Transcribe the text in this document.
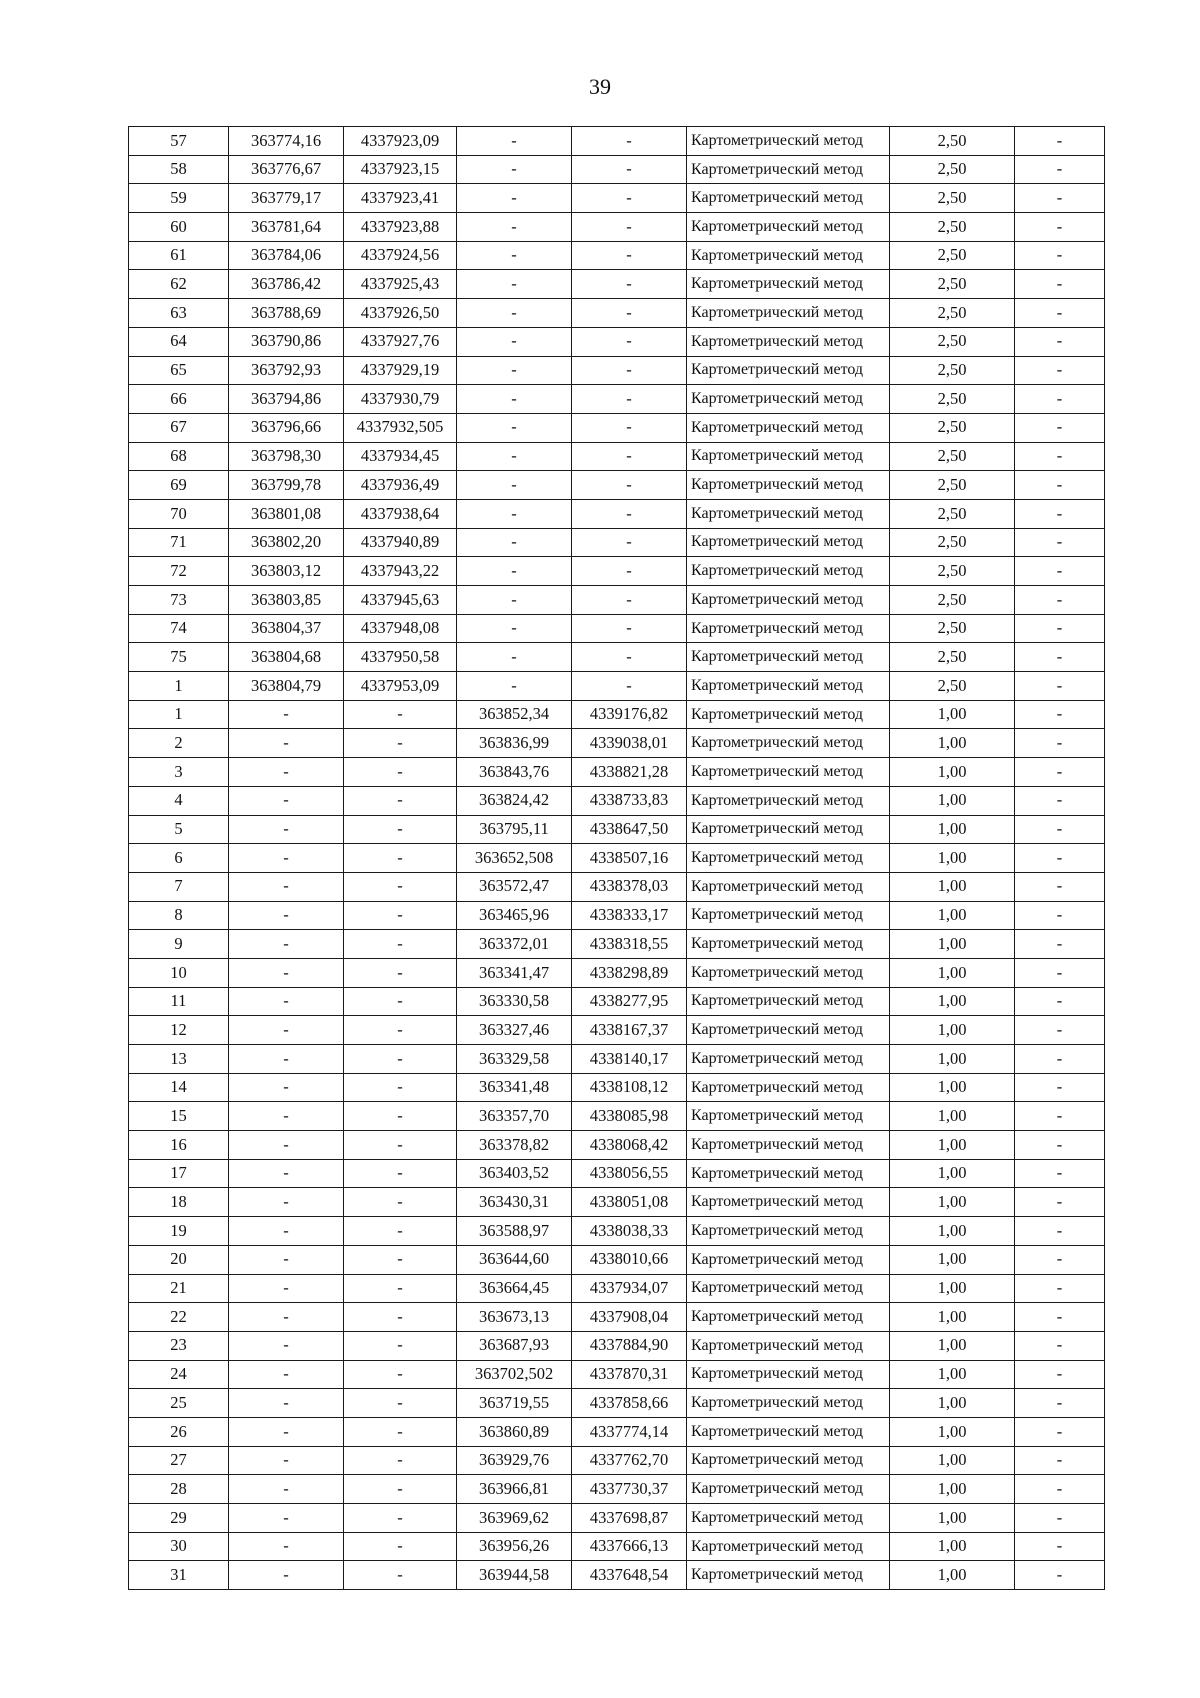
39
57	363774,16	4337923,09	-	-	Картометрический метод	2,50	-
58	363776,67	4337923,15	-	-	Картометрический метод	2,50	-
59	363779,17	4337923,41	-	-	Картометрический метод	2,50	-
60	363781,64	4337923,88	-	-	Картометрический метод	2,50	-
61	363784,06	4337924,56	-	-	Картометрический метод	2,50	-
62	363786,42	4337925,43	-	-	Картометрический метод	2,50	-
63	363788,69	4337926,50	-	-	Картометрический метод	2,50	-
64	363790,86	4337927,76	-	-	Картометрический метод	2,50	-
65	363792,93	4337929,19	-	-	Картометрический метод	2,50	-
66	363794,86	4337930,79	-	-	Картометрический метод	2,50	-
67	363796,66	4337932,505	-	-	Картометрический метод	2,50	-
68	363798,30	4337934,45	-	-	Картометрический метод	2,50	-
69	363799,78	4337936,49	-	-	Картометрический метод	2,50	-
70	363801,08	4337938,64	-	-	Картометрический метод	2,50	-
71	363802,20	4337940,89	-	-	Картометрический метод	2,50	-
72	363803,12	4337943,22	-	-	Картометрический метод	2,50	-
73	363803,85	4337945,63	-	-	Картометрический метод	2,50	-
74	363804,37	4337948,08	-	-	Картометрический метод	2,50	-
75	363804,68	4337950,58	-	-	Картометрический метод	2,50	-
1	363804,79	4337953,09	-	-	Картометрический метод	2,50	-
1	-	-	363852,34	4339176,82	Картометрический метод	1,00	-
2	-	-	363836,99	4339038,01	Картометрический метод	1,00	-
3	-	-	363843,76	4338821,28	Картометрический метод	1,00	-
4	-	-	363824,42	4338733,83	Картометрический метод	1,00	-
5	-	-	363795,11	4338647,50	Картометрический метод	1,00	-
6	-	-	363652,508	4338507,16	Картометрический метод	1,00	-
7	-	-	363572,47	4338378,03	Картометрический метод	1,00	-
8	-	-	363465,96	4338333,17	Картометрический метод	1,00	-
9	-	-	363372,01	4338318,55	Картометрический метод	1,00	-
10	-	-	363341,47	4338298,89	Картометрический метод	1,00	-
11	-	-	363330,58	4338277,95	Картометрический метод	1,00	-
12	-	-	363327,46	4338167,37	Картометрический метод	1,00	-
13	-	-	363329,58	4338140,17	Картометрический метод	1,00	-
14	-	-	363341,48	4338108,12	Картометрический метод	1,00	-
15	-	-	363357,70	4338085,98	Картометрический метод	1,00	-
16	-	-	363378,82	4338068,42	Картометрический метод	1,00	-
17	-	-	363403,52	4338056,55	Картометрический метод	1,00	-
18	-	-	363430,31	4338051,08	Картометрический метод	1,00	-
19	-	-	363588,97	4338038,33	Картометрический метод	1,00	-
20	-	-	363644,60	4338010,66	Картометрический метод	1,00	-
21	-	-	363664,45	4337934,07	Картометрический метод	1,00	-
22	-	-	363673,13	4337908,04	Картометрический метод	1,00	-
23	-	-	363687,93	4337884,90	Картометрический метод	1,00	-
24	-	-	363702,502	4337870,31	Картометрический метод	1,00	-
25	-	-	363719,55	4337858,66	Картометрический метод	1,00	-
26	-	-	363860,89	4337774,14	Картометрический метод	1,00	-
27	-	-	363929,76	4337762,70	Картометрический метод	1,00	-
28	-	-	363966,81	4337730,37	Картометрический метод	1,00	-
29	-	-	363969,62	4337698,87	Картометрический метод	1,00	-
30	-	-	363956,26	4337666,13	Картометрический метод	1,00	-
31	-	-	363944,58	4337648,54	Картометрический метод	1,00	-
